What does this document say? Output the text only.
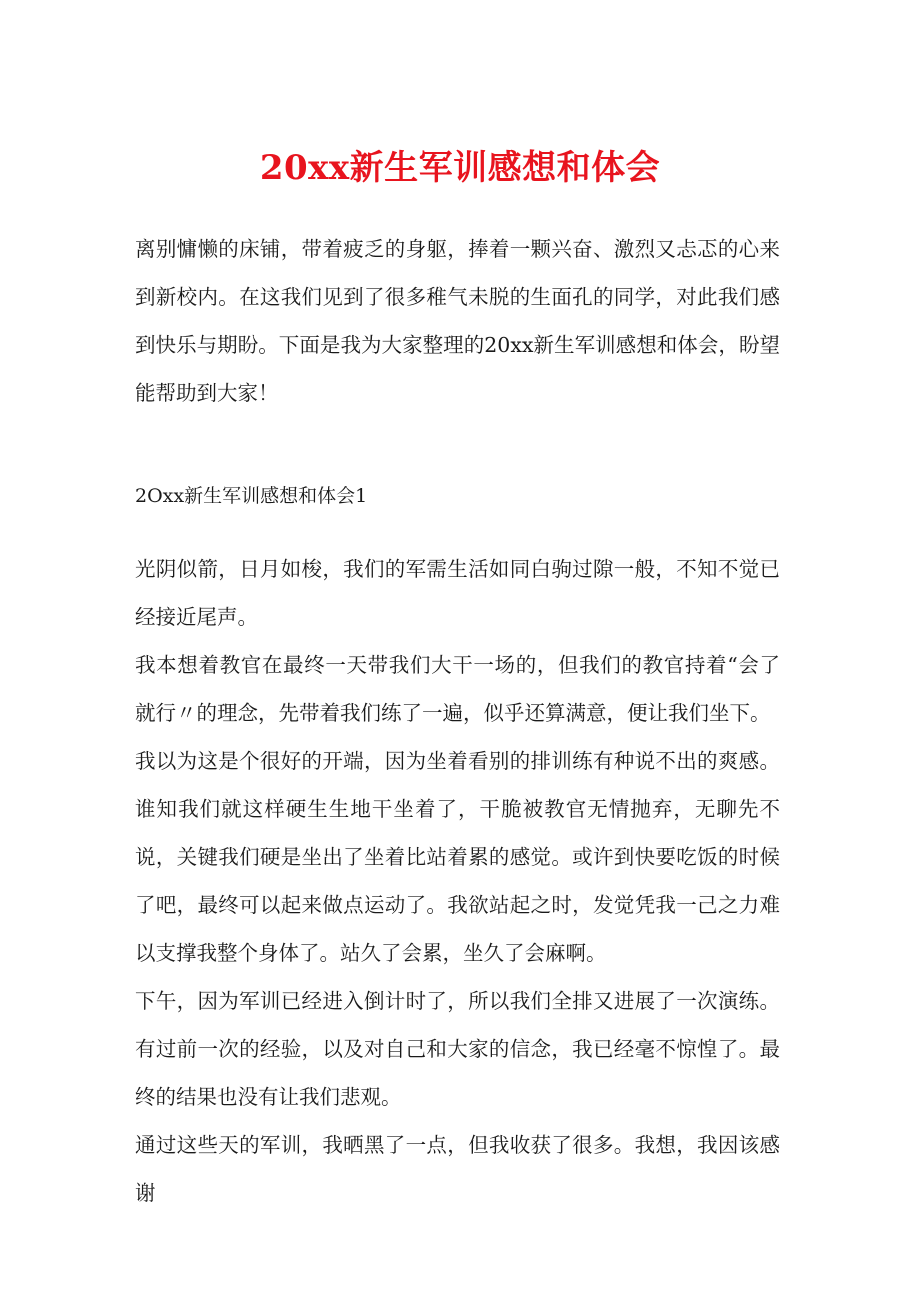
20xx新生军训感想和体会

离别慵懒的床铺，带着疲乏的身躯，捧着一颗兴奋、激烈又忐忑的心来到新校内。在这我们见到了很多稚气未脱的生面孔的同学，对此我们感到快乐与期盼。下面是我为大家整理的20xx新生军训感想和体会，盼望能帮助到大家！

2Oxx新生军训感想和体会1

光阴似箭，日月如梭，我们的军需生活如同白驹过隙一般，不知不觉已经接近尾声。

我本想着教官在最终一天带我们大干一场的，但我们的教官持着“会了就行〃的理念，先带着我们练了一遍，似乎还算满意，便让我们坐下。

我以为这是个很好的开端，因为坐着看别的排训练有种说不出的爽感。谁知我们就这样硬生生地干坐着了，干脆被教官无情抛弃，无聊先不说，关键我们硬是坐出了坐着比站着累的感觉。或许到快要吃饭的时候了吧，最终可以起来做点运动了。我欲站起之时，发觉凭我一己之力难以支撑我整个身体了。站久了会累，坐久了会麻啊。

下午，因为军训已经进入倒计时了，所以我们全排又进展了一次演练。有过前一次的经验，以及对自己和大家的信念，我已经毫不惊惶了。最终的结果也没有让我们悲观。

通过这些天的军训，我晒黑了一点，但我收获了很多。我想，我因该感谢
